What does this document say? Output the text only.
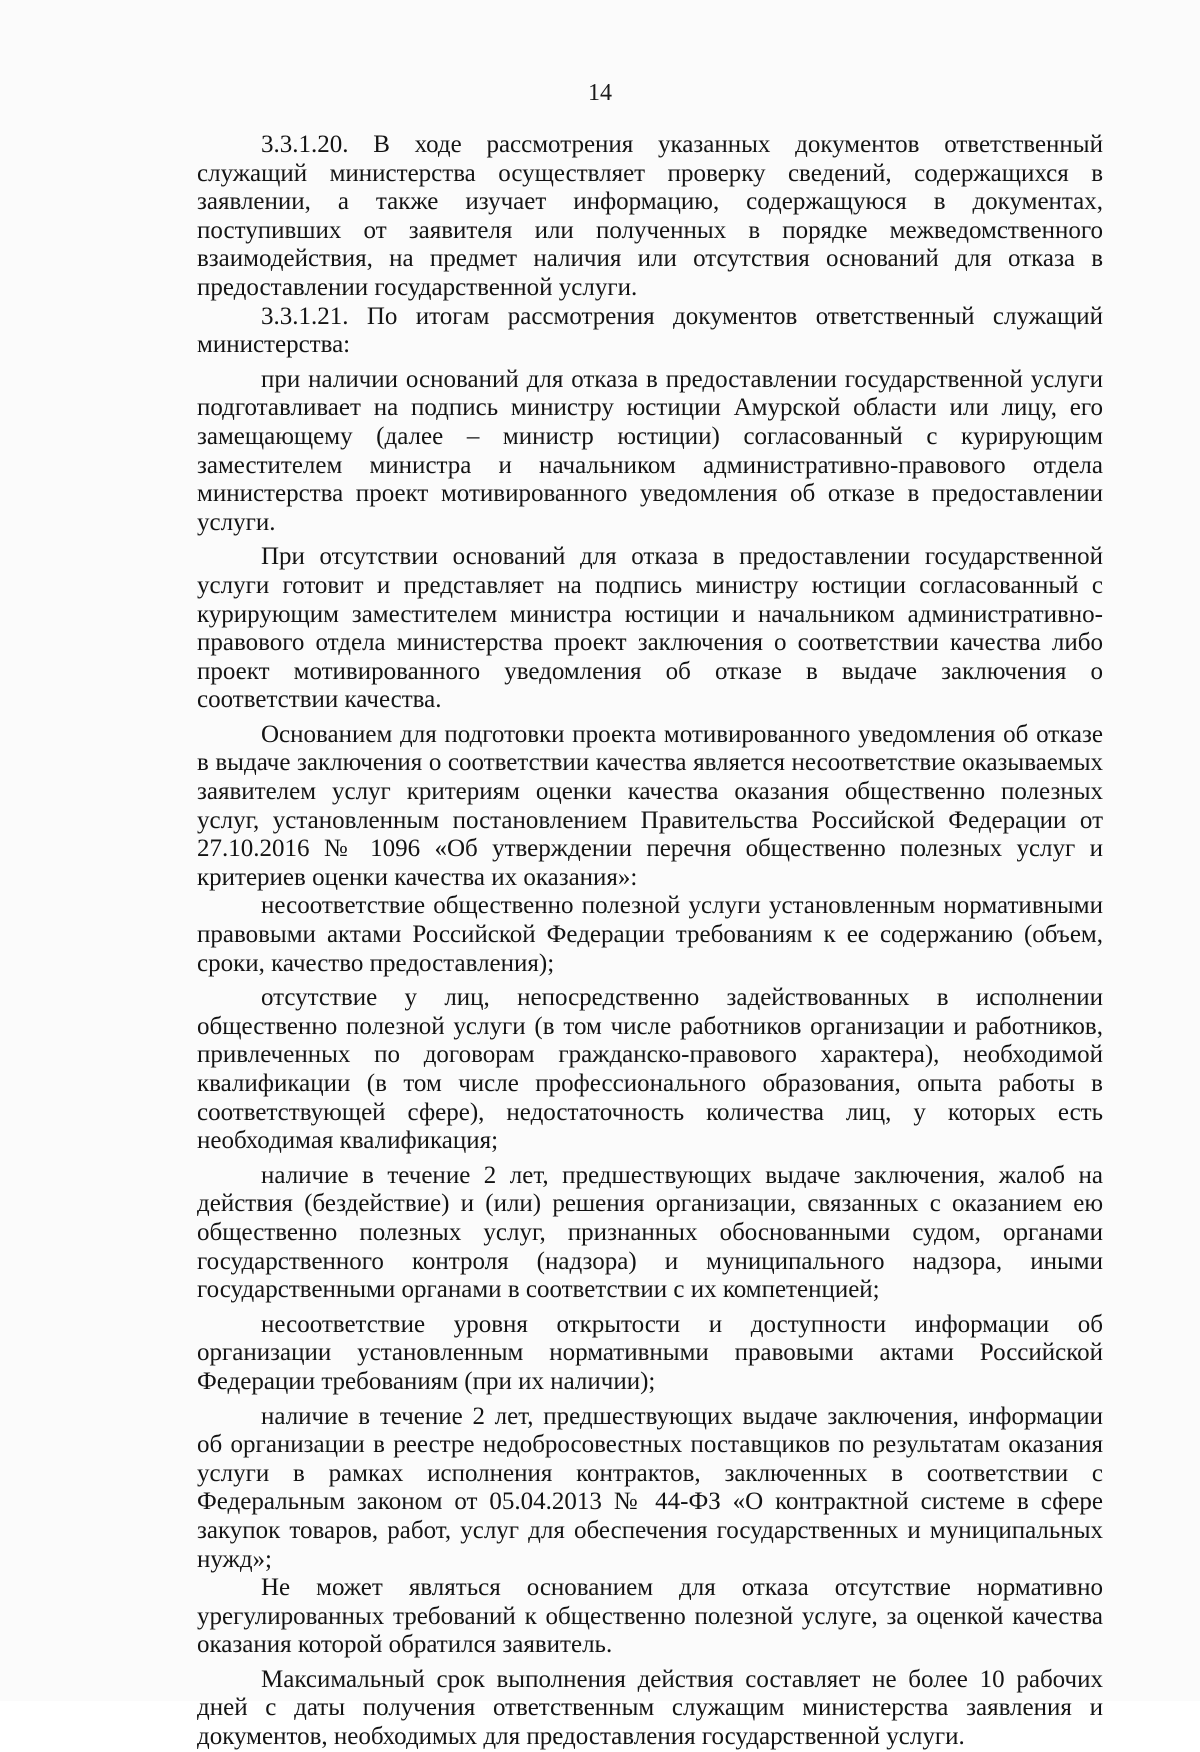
14

3.3.1.20. В ходе рассмотрения указанных документов ответственный служащий министерства осуществляет проверку сведений, содержащихся в заявлении, а также изучает информацию, содержащуюся в документах, поступивших от заявителя или полученных в порядке межведомственного взаимодействия, на предмет наличия или отсутствия оснований для отказа в предоставлении государственной услуги.

3.3.1.21. По итогам рассмотрения документов ответственный служащий министерства:

при наличии оснований для отказа в предоставлении государственной услуги подготавливает на подпись министру юстиции Амурской области или лицу, его замещающему (далее – министр юстиции) согласованный с курирующим заместителем министра и начальником административно-правового отдела министерства проект мотивированного уведомления об отказе в предоставлении услуги.

При отсутствии оснований для отказа в предоставлении государственной услуги готовит и представляет на подпись министру юстиции согласованный с курирующим заместителем министра юстиции и начальником административно-правового отдела министерства проект заключения о соответствии качества либо проект мотивированного уведомления об отказе в выдаче заключения о соответствии качества.

Основанием для подготовки проекта мотивированного уведомления об отказе в выдаче заключения о соответствии качества является несоответствие оказываемых заявителем услуг критериям оценки качества оказания общественно полезных услуг, установленным постановлением Правительства Российской Федерации от 27.10.2016 № 1096 «Об утверждении перечня общественно полезных услуг и критериев оценки качества их оказания»:

несоответствие общественно полезной услуги установленным нормативными правовыми актами Российской Федерации требованиям к ее содержанию (объем, сроки, качество предоставления);

отсутствие у лиц, непосредственно задействованных в исполнении общественно полезной услуги (в том числе работников организации и работников, привлеченных по договорам гражданско-правового характера), необходимой квалификации (в том числе профессионального образования, опыта работы в соответствующей сфере), недостаточность количества лиц, у которых есть необходимая квалификация;

наличие в течение 2 лет, предшествующих выдаче заключения, жалоб на действия (бездействие) и (или) решения организации, связанных с оказанием ею общественно полезных услуг, признанных обоснованными судом, органами государственного контроля (надзора) и муниципального надзора, иными государственными органами в соответствии с их компетенцией;

несоответствие уровня открытости и доступности информации об организации установленным нормативными правовыми актами Российской Федерации требованиям (при их наличии);

наличие в течение 2 лет, предшествующих выдаче заключения, информации об организации в реестре недобросовестных поставщиков по результатам оказания услуги в рамках исполнения контрактов, заключенных в соответствии с Федеральным законом от 05.04.2013 № 44-ФЗ «О контрактной системе в сфере закупок товаров, работ, услуг для обеспечения государственных и муниципальных нужд»;

Не может являться основанием для отказа отсутствие нормативно урегулированных требований к общественно полезной услуге, за оценкой качества оказания которой обратился заявитель.

Максимальный срок выполнения действия составляет не более 10 рабочих дней с даты получения ответственным служащим министерства заявления и документов, необходимых для предоставления государственной услуги.
